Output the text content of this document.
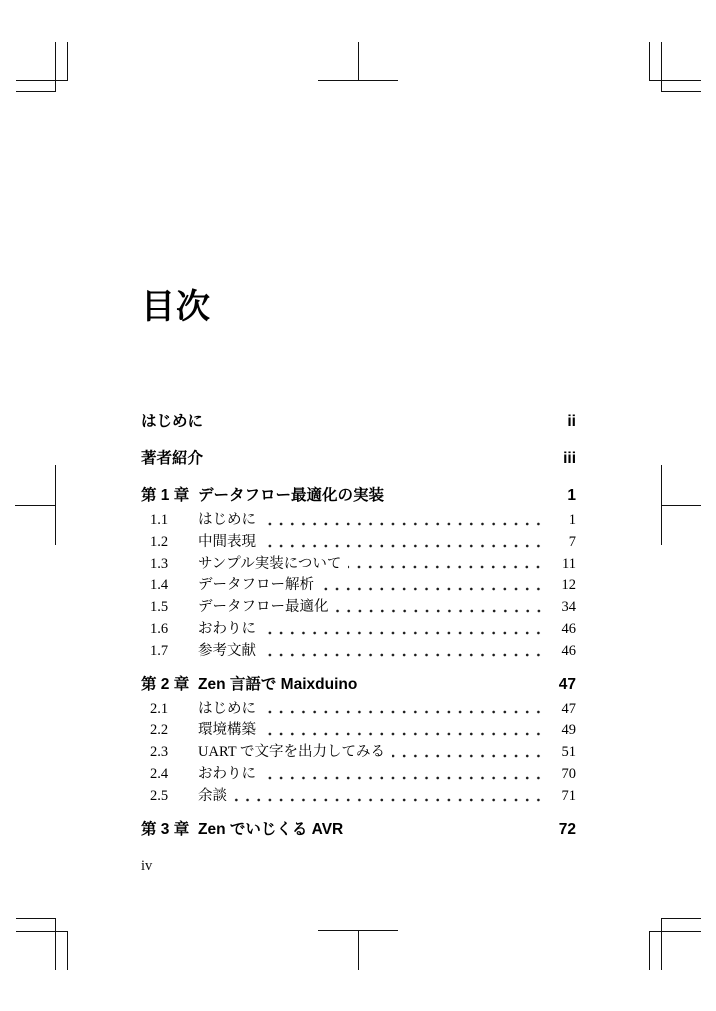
目次
はじめに	ii
著者紹介	iii
第 1 章 データフロー最適化の実装	1
1.1	はじめに	1
1.2	中間表現	7
1.3	サンプル実装について	11
1.4	データフロー解析	12
1.5	データフロー最適化	34
1.6	おわりに	46
1.7	参考文献	46
第 2 章 Zen 言語で Maixduino	47
2.1	はじめに	47
2.2	環境構築	49
2.3	UART で文字を出力してみる	51
2.4	おわりに	70
2.5	余談	71
第 3 章 Zen でいじくる AVR	72
iv
